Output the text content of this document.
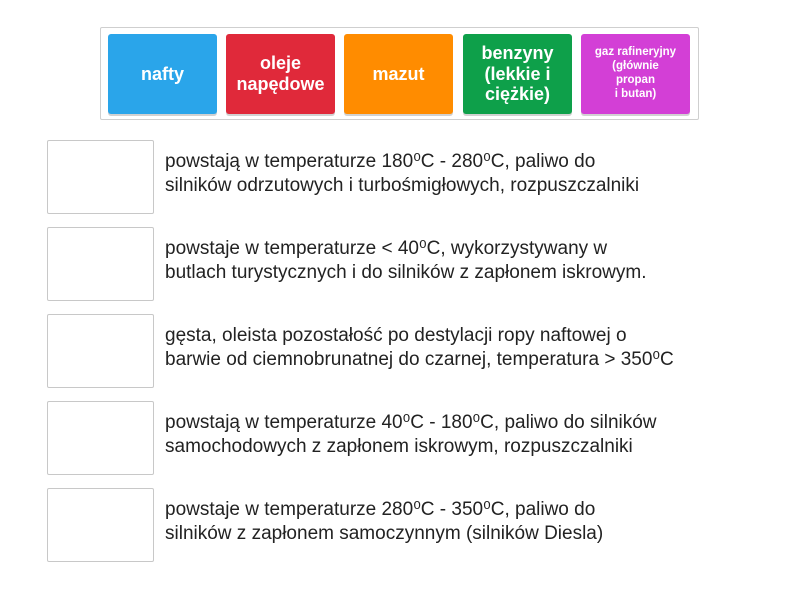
nafty
oleje
napędowe
mazut
benzyny
(lekkie i
ciężkie)
gaz rafineryjny
(głównie
propan
i butan)
powstają w temperaturze 180⁰C - 280⁰C, paliwo do
silników odrzutowych i turbośmigłowych, rozpuszczalniki
powstaje w temperaturze < 40⁰C, wykorzystywany w
butlach turystycznych i do silników z zapłonem iskrowym.
gęsta, oleista pozostałość po destylacji ropy naftowej o
barwie od ciemnobrunatnej do czarnej, temperatura > 350⁰C
powstają w temperaturze 40⁰C - 180⁰C, paliwo do silników
samochodowych z zapłonem iskrowym, rozpuszczalniki
powstaje w temperaturze 280⁰C - 350⁰C, paliwo do
silników z zapłonem samoczynnym (silników Diesla)
